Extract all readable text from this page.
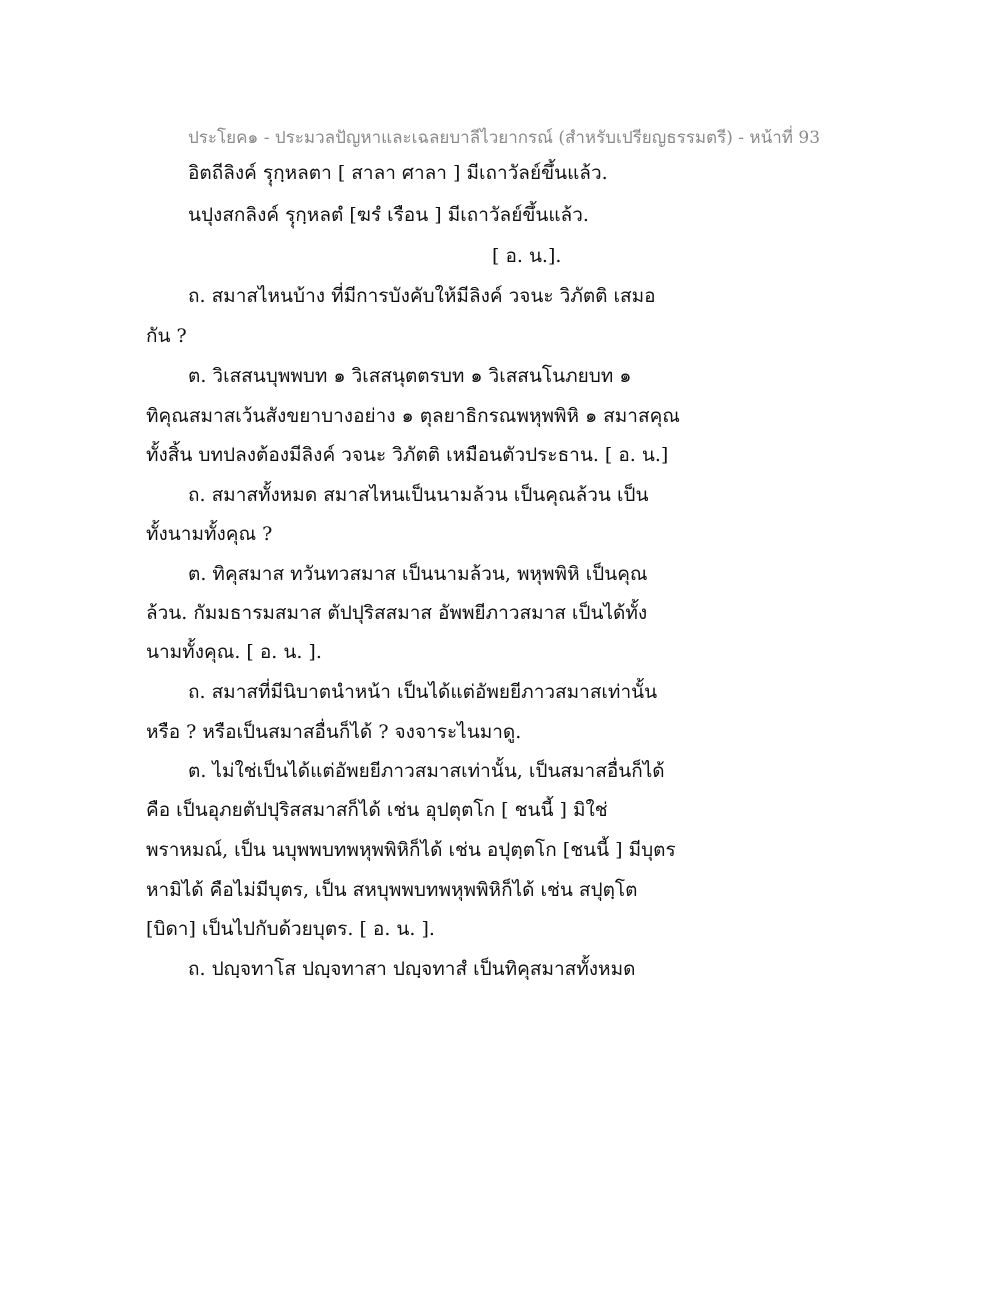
ประโยค๑ - ประมวลปัญหาและเฉลยบาลีไวยากรณ์ (สำหรับเปรียญธรรมตรี) - หน้าที่ 93
อิตถีลิงค์ รฺุกฺหลตา [ สาลา ศาลา ] มีเถาวัลย์ขึ้นแล้ว.
นปุงสกลิงค์ รฺุกฺหลตํ [ฆรํ เรือน ] มีเถาวัลย์ขึ้นแล้ว.
[ อ. น.].
ถ. สมาสไหนบ้าง ที่มีการบังคับให้มีลิงค์ วจนะ วิภัตติ เสมอ
กัน ?
ต. วิเสสนบุพพบท ๑ วิเสสนุตตรบท ๑ วิเสสนโนภยบท ๑
ทิคุณสมาสเว้นสังขยาบางอย่าง ๑ ตุลยาธิกรณพหุพพิหิ ๑ สมาสคุณ
ทั้งสิ้น บทปลงต้องมีลิงค์ วจนะ วิภัตติ เหมือนตัวประธาน. [ อ. น.]
ถ. สมาสทั้งหมด สมาสไหนเป็นนามล้วน เป็นคุณล้วน เป็น
ทั้งนามทั้งคุณ ?
ต. ทิคุสมาส ทวันทวสมาส เป็นนามล้วน, พหุพพิหิ เป็นคุณ
ล้วน. กัมมธารมสมาส ตัปปุริสสมาส อัพพยีภาวสมาส เป็นได้ทั้ง
นามทั้งคุณ. [ อ. น. ].
ถ. สมาสที่มีนิบาตนำหน้า เป็นได้แต่อัพยยีภาวสมาสเท่านั้น
หรือ ? หรือเป็นสมาสอื่นก็ได้ ? จงจาระไนมาดู.
ต. ไม่ใช่เป็นได้แต่อัพยยีภาวสมาสเท่านั้น, เป็นสมาสอื่นก็ได้
คือ เป็นอุภยตัปปุริสสมาสก็ได้ เช่น อุปตุตโก [ ชนนี้ ] มิใช่
พราหมณ์, เป็น นบุพพบทพหุพพิหิก็ได้ เช่น อปุตฺตโก [ชนนี้ ] มีบุตร
หามิได้ คือไม่มีบุตร, เป็น สหบุพพบทพหุพพิหิก็ได้ เช่น สปุตฺโต
[บิดา] เป็นไปกับด้วยบุตร. [ อ. น. ].
ถ. ปญฺจทาโส ปญฺจทาสา ปญฺจทาสํ เป็นทิคุสมาสทั้งหมด
